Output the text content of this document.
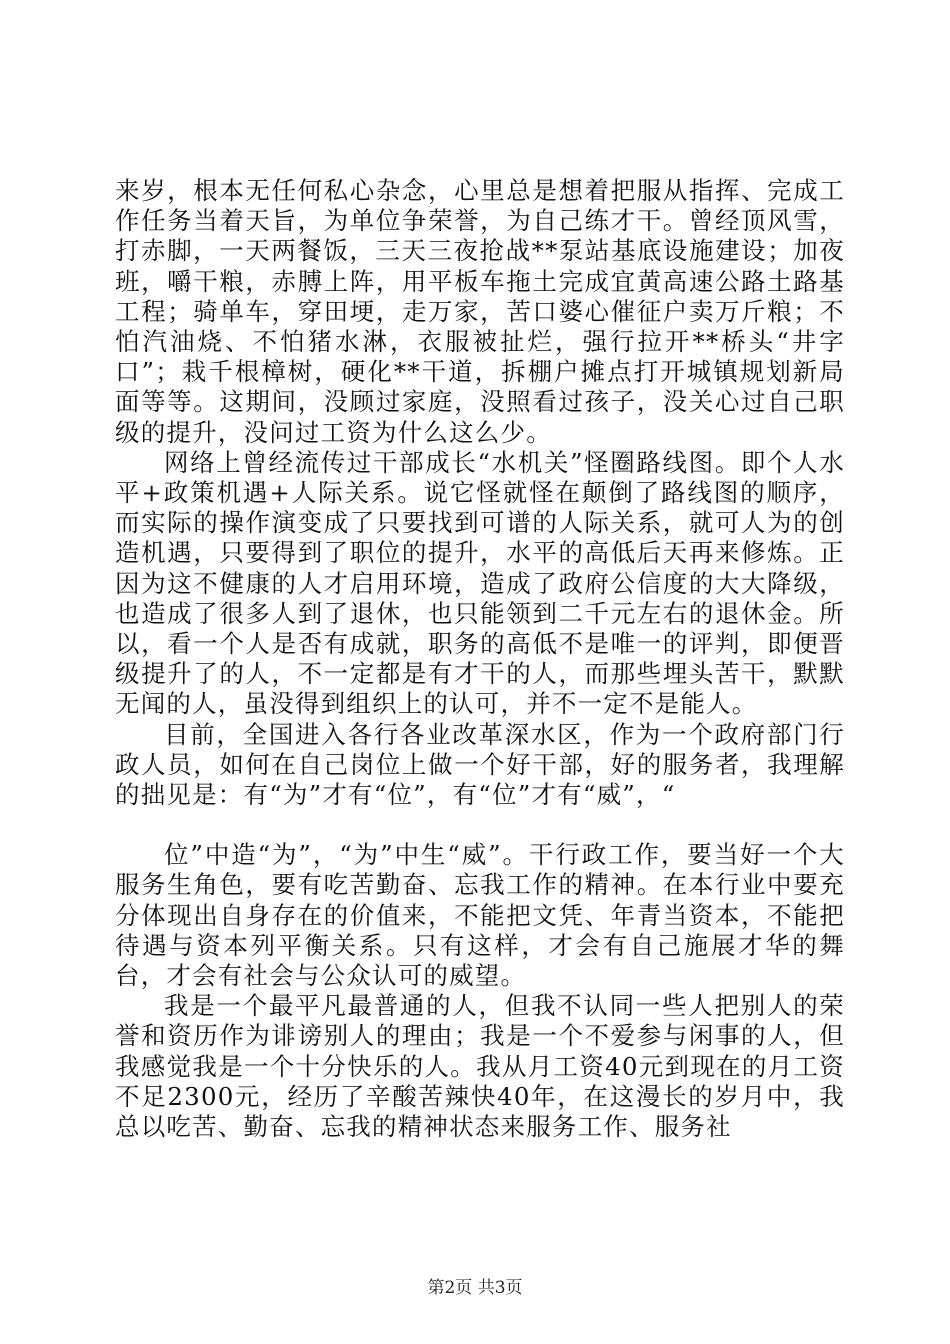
来岁，根本无任何私心杂念，心里总是想着把服从指挥、完成工作任务当着天旨，为单位争荣誉，为自己练才干。曾经顶风雪，打赤脚，一天两餐饭，三天三夜抢战**泵站基底设施建设；加夜班，嚼干粮，赤膊上阵，用平板车拖土完成宜黄高速公路土路基工程；骑单车，穿田埂，走万家，苦口婆心催征户卖万斤粮；不怕汽油烧、不怕猪水淋，衣服被扯烂，强行拉开**桥头“井字口”；栽千根樟树，硬化**干道，拆棚户摊点打开城镇规划新局面等等。这期间，没顾过家庭，没照看过孩子，没关心过自己职级的提升，没问过工资为什么这么少。

网络上曾经流传过干部成长“水机关”怪圈路线图。即个人水平+政策机遇+人际关系。说它怪就怪在颠倒了路线图的顺序，而实际的操作演变成了只要找到可谱的人际关系，就可人为的创造机遇，只要得到了职位的提升，水平的高低后天再来修炼。正因为这不健康的人才启用环境，造成了政府公信度的大大降级，也造成了很多人到了退休，也只能领到二千元左右的退休金。所以，看一个人是否有成就，职务的高低不是唯一的评判，即便晋级提升了的人，不一定都是有才干的人，而那些埋头苦干，默默无闻的人，虽没得到组织上的认可，并不一定不是能人。

目前，全国进入各行各业改革深水区，作为一个政府部门行政人员，如何在自己岗位上做一个好干部，好的服务者，我理解的拙见是：有“为”才有“位”，有“位”才有“威”，“

位”中造“为”，“为”中生“威”。干行政工作，要当好一个大服务生角色，要有吃苦勤奋、忘我工作的精神。在本行业中要充分体现出自身存在的价值来，不能把文凭、年青当资本，不能把待遇与资本列平衡关系。只有这样，才会有自己施展才华的舞台，才会有社会与公众认可的威望。

我是一个最平凡最普通的人，但我不认同一些人把别人的荣誉和资历作为诽谤别人的理由；我是一个不爱参与闲事的人，但我感觉我是一个十分快乐的人。我从月工资40元到现在的月工资不足2300元，经历了辛酸苦辣快40年，在这漫长的岁月中，我总以吃苦、勤奋、忘我的精神状态来服务工作、服务社

第2页 共3页
